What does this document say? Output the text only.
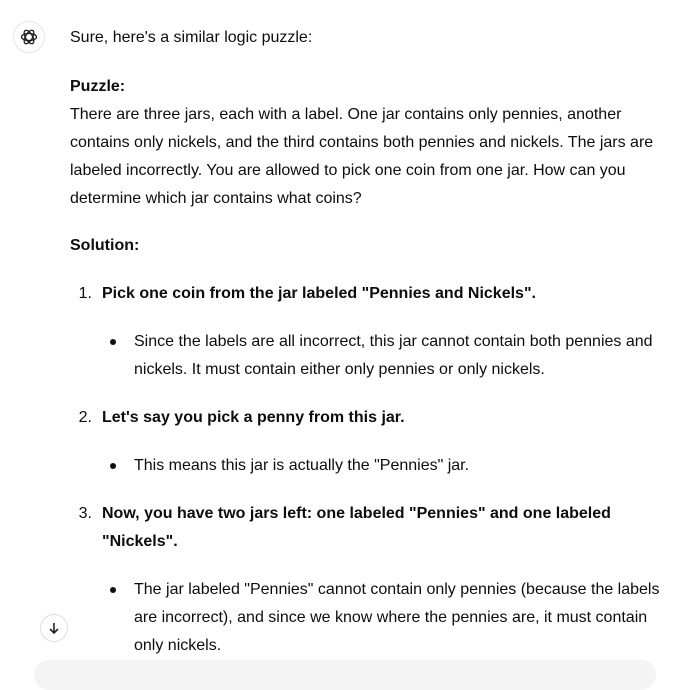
Sure, here's a similar logic puzzle:

Puzzle:

There are three jars, each with a label. One jar contains only pennies, another

contains only nickels, and the third contains both pennies and nickels. The jars are

labeled incorrectly. You are allowed to pick one coin from one jar. How can you

determine which jar contains what coins?

Solution:

1. Pick one coin from the jar labeled "Pennies and Nickels".

Since the labels are all incorrect, this jar cannot contain both pennies and

nickels. It must contain either only pennies or only nickels.

2. Let's say you pick a penny from this jar.

This means this jar is actually the "Pennies" jar.

3. Now, you have two jars left: one labeled "Pennies" and one labeled

"Nickels".

The jar labeled "Pennies" cannot contain only pennies (because the labels

are incorrect), and since we know where the pennies are, it must contain

only nickels.
